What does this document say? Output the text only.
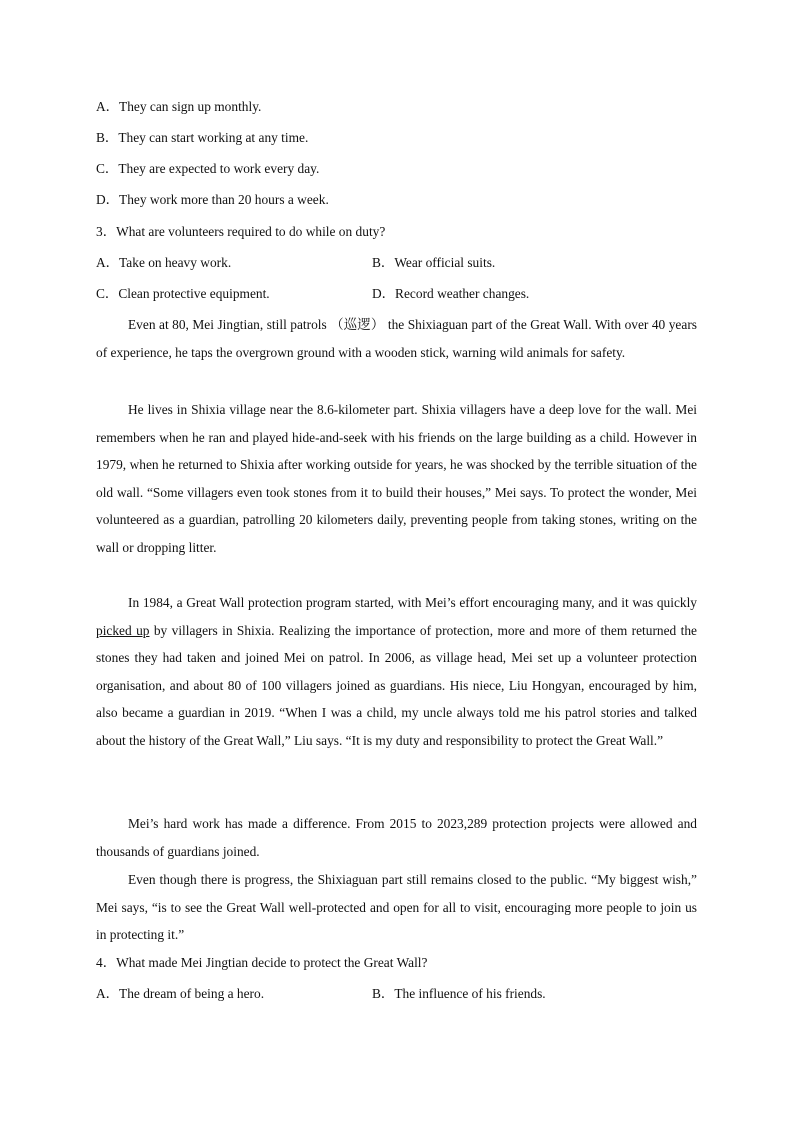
A．They can sign up monthly.
B．They can start working at any time.
C．They are expected to work every day.
D．They work more than 20 hours a week.
3．What are volunteers required to do while on duty?
A．Take on heavy work.	B．Wear official suits.
C．Clean protective equipment.	D．Record weather changes.
Even at 80, Mei Jingtian, still patrols （巡逻） the Shixiaguan part of the Great Wall. With over 40 years of experience, he taps the overgrown ground with a wooden stick, warning wild animals for safety.
He lives in Shixia village near the 8.6-kilometer part. Shixia villagers have a deep love for the wall. Mei remembers when he ran and played hide-and-seek with his friends on the large building as a child. However in 1979, when he returned to Shixia after working outside for years, he was shocked by the terrible situation of the old wall. “Some villagers even took stones from it to build their houses,” Mei says. To protect the wonder, Mei volunteered as a guardian, patrolling 20 kilometers daily, preventing people from taking stones, writing on the wall or dropping litter.
In 1984, a Great Wall protection program started, with Mei’s effort encouraging many, and it was quickly picked up by villagers in Shixia. Realizing the importance of protection, more and more of them returned the stones they had taken and joined Mei on patrol. In 2006, as village head, Mei set up a volunteer protection organisation, and about 80 of 100 villagers joined as guardians. His niece, Liu Hongyan, encouraged by him, also became a guardian in 2019. “When I was a child, my uncle always told me his patrol stories and talked about the history of the Great Wall,” Liu says. “It is my duty and responsibility to protect the Great Wall.”
Mei’s hard work has made a difference. From 2015 to 2023,289 protection projects were allowed and thousands of guardians joined.
Even though there is progress, the Shixiaguan part still remains closed to the public. “My biggest wish,” Mei says, “is to see the Great Wall well-protected and open for all to visit, encouraging more people to join us in protecting it.”
4．What made Mei Jingtian decide to protect the Great Wall?
A．The dream of being a hero.	B．The influence of his friends.
